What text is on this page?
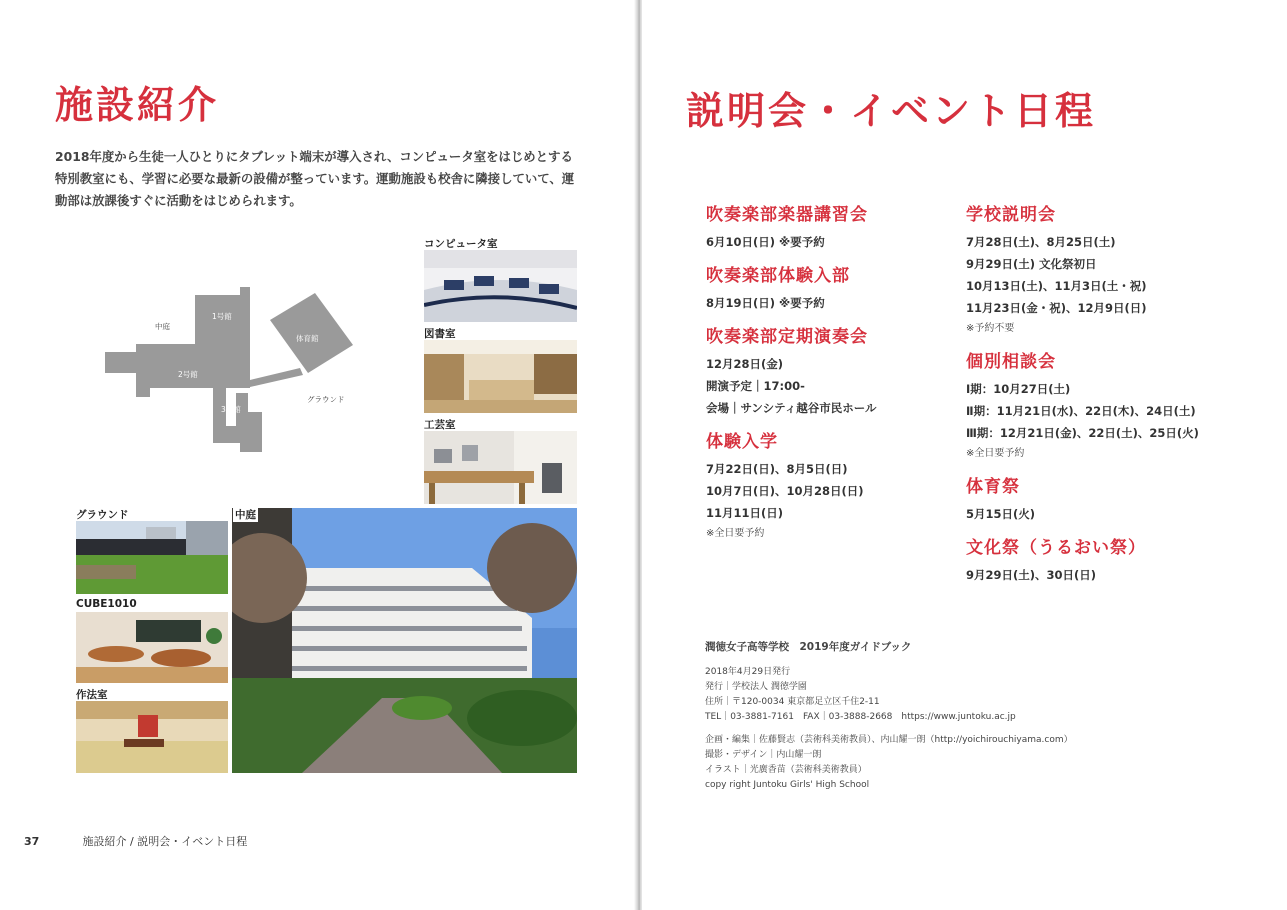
施設紹介
2018年度から生徒一人ひとりにタブレット端末が導入され、コンピュータ室をはじめとする特別教室にも、学習に必要な最新の設備が整っています。運動施設も校舎に隣接していて、運動部は放課後すぐに活動をはじめられます。
中庭
1号館
2号館
3号館
体育館
グラウンド
コンピュータ室
図書室
工芸室
グラウンド
CUBE1010
作法室
中庭
37	施設紹介 / 説明会・イベント日程
説明会・イベント日程
吹奏楽部楽器講習会
6月10日(日) ※要予約
吹奏楽部体験入部
8月19日(日) ※要予約
吹奏楽部定期演奏会
12月28日(金)
開演予定｜17:00-
会場｜サンシティ越谷市民ホール
体験入学
7月22日(日)、8月5日(日)
10月7日(日)、10月28日(日)
11月11日(日)
※全日要予約
学校説明会
7月28日(土)、8月25日(土)
9月29日(土) 文化祭初日
10月13日(土)、11月3日(土・祝)
11月23日(金・祝)、12月9日(日)
※予約不要
個別相談会
Ⅰ期：10月27日(土)
Ⅱ期：11月21日(水)、22日(木)、24日(土)
Ⅲ期：12月21日(金)、22日(土)、25日(火)
※全日要予約
体育祭
5月15日(火)
文化祭（うるおい祭）
9月29日(土)、30日(日)
潤徳女子高等学校　2019年度ガイドブック
2018年4月29日発行
発行｜学校法人 潤徳学園
住所｜〒120-0034 東京都足立区千住2-11
TEL｜03-3881-7161　FAX｜03-3888-2668　https://www.juntoku.ac.jp
企画・編集｜佐藤賢志（芸術科美術教員）、内山耀一朗（http://yoichirouchiyama.com）
撮影・デザイン｜内山耀一朗
イラスト｜光廣香苗（芸術科美術教員）
copy right Juntoku Girls' High School
